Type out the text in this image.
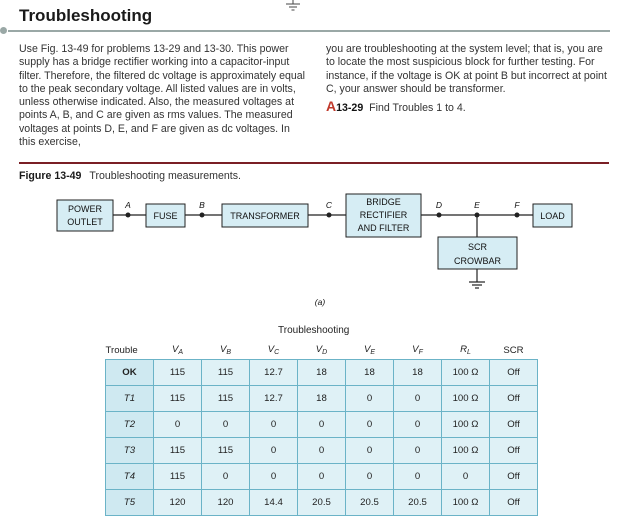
Troubleshooting
Use Fig. 13-49 for problems 13-29 and 13-30. This power supply has a bridge rectifier working into a capacitor-input filter. Therefore, the filtered dc voltage is approximately equal to the peak secondary voltage. All listed values are in volts, unless otherwise indicated. Also, the measured voltages at points A, B, and C are given as rms values. The measured voltages at points D, E, and F are given as dc voltages. In this exercise,
you are troubleshooting at the system level; that is, you are to locate the most suspicious block for further testing. For instance, if the voltage is OK at point B but incorrect at point C, your answer should be transformer.
A13-29 Find Troubles 1 to 4.
Figure 13-49 Troubleshooting measurements.
POWER
OUTLET
FUSE	TRANSFORMER
BRIDGE
RECTIFIER
AND FILTER
LOAD
SCR
CROWBAR
A	B	C	D	E	F
(a)
Troubleshooting
Trouble	$V_A$	$V_B$	$V_C$	$V_D$	$V_E$	$V_F$	$R_L$	SCR
OK	115	115	12.7	18	18	18	100 Ω	Off
T1	115	115	12.7	18	0	0	100 Ω	Off
T2	0	0	0	0	0	0	100 Ω	Off
T3	115	115	0	0	0	0	100 Ω	Off
T4	115	0	0	0	0	0	0	Off
T5	120	120	14.4	20.5	20.5	20.5	100 Ω	Off
